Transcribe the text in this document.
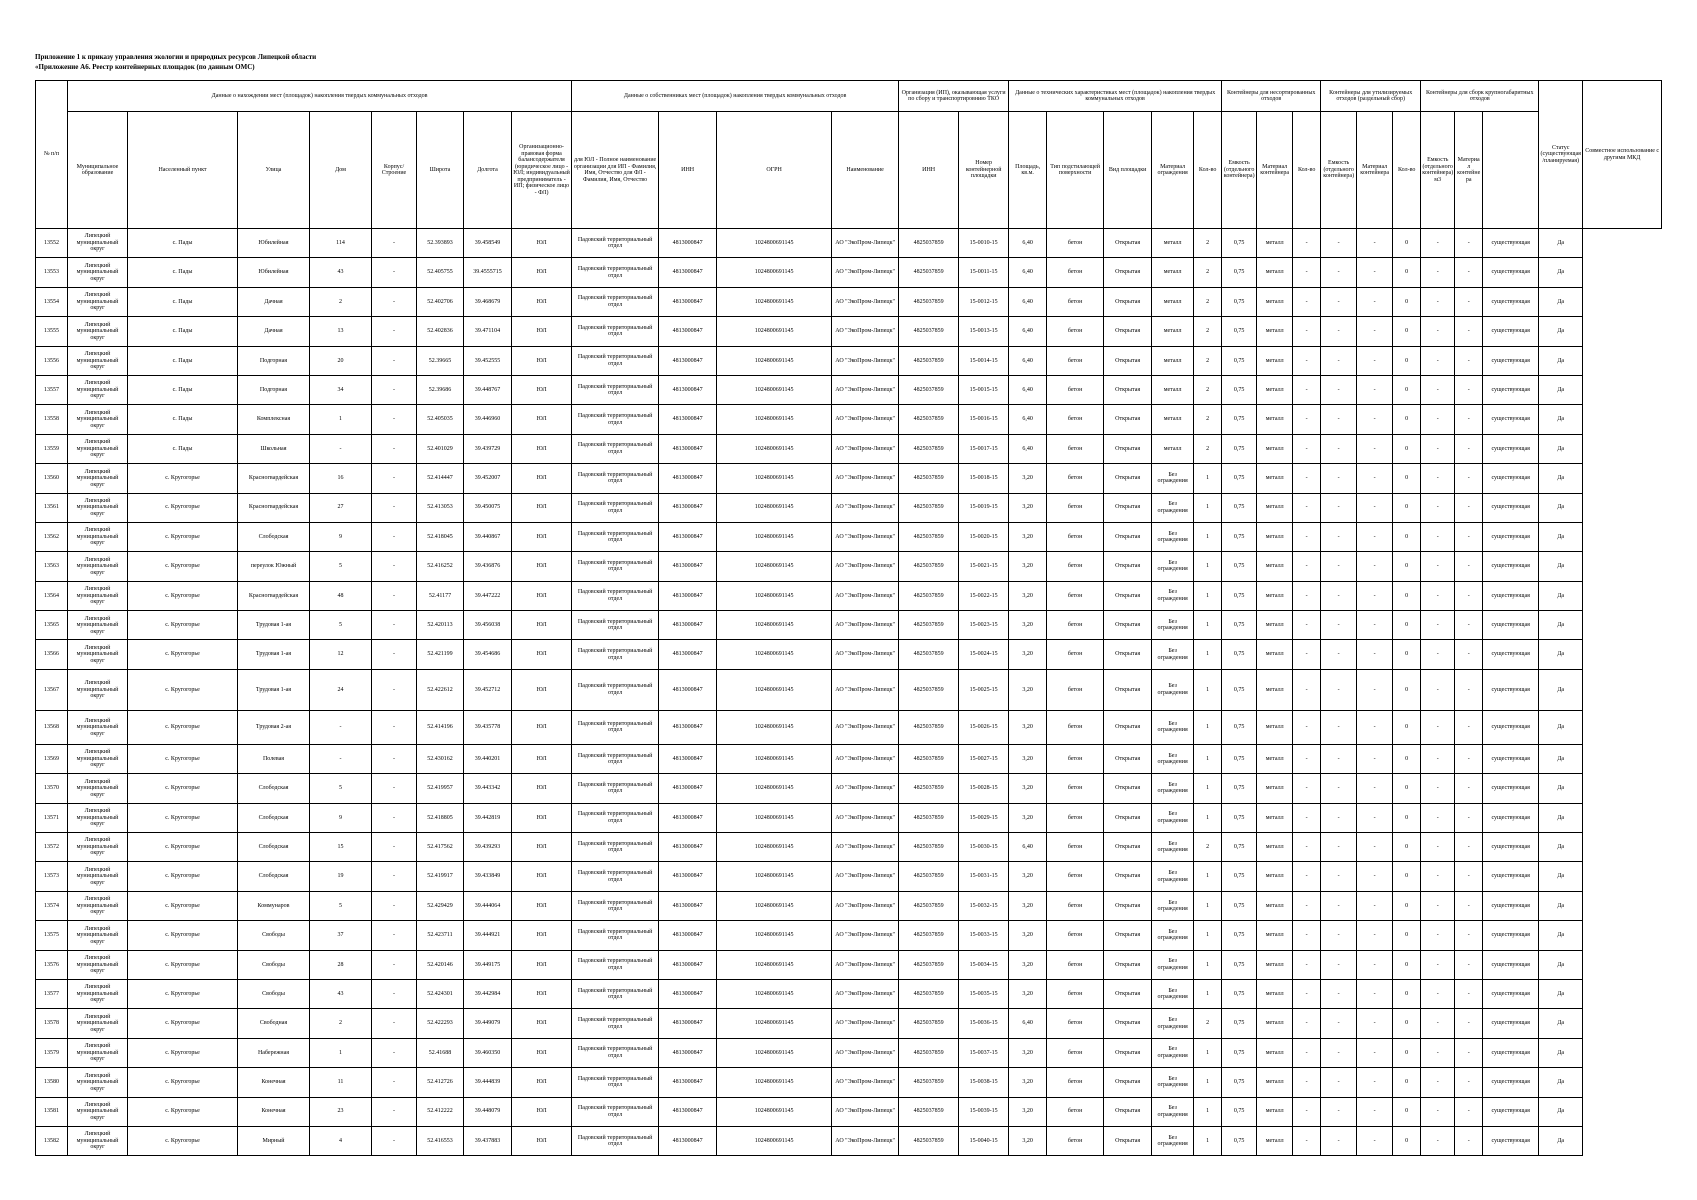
Приложение 1 к приказу управления экологии и природных ресурсов Липецкой области
«Приложение А6. Реестр контейнерных площадок (по данным ОМС)
№ п/п	Данные о нахождении мест (площадок) накопления твердых коммунальных отходов								Данные о собственниках мест (площадок) накопления твердых коммунальных отходов				Организация (ИП), оказывающая услуги по сбору и транспортировнию ТКО		Данные о технических характеристиках мест (площадок) накопления твердых коммунальных отходов					Контейнеры для несортированных отходов			Контейнеры для утилизируемых отходов (раздельный сбор)			Контейнеры для сборк крупногабаритных отходов			Статус (существующая/планируемая)	Совместное использование с другими МКД
	Муниципальное образование	Населенный пункт	Улица	Дом	Корпус/Строение	Широта	Долгота	Организационно-правовая форма балансодержателя (юридическое лицо - ЮЛ; индивидуальный предприниматель - ИП; физическое лицо - ФЛ)	для ЮЛ - Полное наименование организации для ИП - Фамилия, Имя, Отчество для ФЛ - Фамилия, Имя, Отчество	ИНН	ОГРН	Наименование	ИНН	Номер контейнерной площадки	Площадь, кв.м.	Тип подстилающей поверхности	Вид площадки	Материал ограждения	Кол-во	Емкость (отдельного контейнера)	Материал контейнера	Кол-во	Емкость (отдельного контейнера)	Материал контейнера	Кол-во	Емкость (отдельного контейнера) м3	Материал контейнера			
13552	Липецкий муниципальный округ	с. Пады	Юбилейная	114	-	52.393893	39.458549	ЮЛ	Падовский территориальный отдел	4813000847	1024800691145	АО "ЭкоПром-Липецк"	4825037859	15-0010-15	6,40	бетон	Открытая	металл	2	0,75	металл	-	-	-	0	-	-	существующая	Да	
13553	Липецкий муниципальный округ	с. Пады	Юбилейная	43	-	52.405755	39.4555715	ЮЛ	Падовский территориальный отдел	4813000847	1024800691145	АО "ЭкоПром-Липецк"	4825037859	15-0011-15	6,40	бетон	Открытая	металл	2	0,75	металл	-	-	-	0	-	-	существующая	Да	
13554	Липецкий муниципальный округ	с. Пады	Дачная	2	-	52.402706	39.468679	ЮЛ	Падовский территориальный отдел	4813000847	1024800691145	АО "ЭкоПром-Липецк"	4825037859	15-0012-15	6,40	бетон	Открытая	металл	2	0,75	металл	-	-	-	0	-	-	существующая	Да	
13555	Липецкий муниципальный округ	с. Пады	Дачная	13	-	52.402836	39.471104	ЮЛ	Падовский территориальный отдел	4813000847	1024800691145	АО "ЭкоПром-Липецк"	4825037859	15-0013-15	6,40	бетон	Открытая	металл	2	0,75	металл	-	-	-	0	-	-	существующая	Да	
13556	Липецкий муниципальный округ	с. Пады	Подгорная	20	-	52.39665	39.452555	ЮЛ	Падовский территориальный отдел	4813000847	1024800691145	АО "ЭкоПром-Липецк"	4825037859	15-0014-15	6,40	бетон	Открытая	металл	2	0,75	металл	-	-	-	0	-	-	существующая	Да	
13557	Липецкий муниципальный округ	с. Пады	Подгорная	34	-	52.39686	39.448767	ЮЛ	Падовский территориальный отдел	4813000847	1024800691145	АО "ЭкоПром-Липецк"	4825037859	15-0015-15	6,40	бетон	Открытая	металл	2	0,75	металл	-	-	-	0	-	-	существующая	Да	
13558	Липецкий муниципальный округ	с. Пады	Комплексная	1	-	52.405035	39.446960	ЮЛ	Падовский территориальный отдел	4813000847	1024800691145	АО "ЭкоПром-Липецк"	4825037859	15-0016-15	6,40	бетон	Открытая	металл	2	0,75	металл	-	-	-	0	-	-	существующая	Да	
13559	Липецкий муниципальный округ	с. Пады	Школьная	-	-	52.401029	39.439729	ЮЛ	Падовский территориальный отдел	4813000847	1024800691145	АО "ЭкоПром-Липецк"	4825037859	15-0017-15	6,40	бетон	Открытая	металл	2	0,75	металл	-	-	-	0	-	-	существующая	Да	
13560	Липецкий муниципальный округ	с. Кругогорье	Красногвардейская	16	-	52.414447	39.452007	ЮЛ	Падовский территориальный отдел	4813000847	1024800691145	АО "ЭкоПром-Липецк"	4825037859	15-0018-15	3,20	бетон	Открытая	Без ограждения	1	0,75	металл	-	-	-	0	-	-	существующая	Да	
13561	Липецкий муниципальный округ	с. Кругогорье	Красногвардейская	27	-	52.413053	39.450075	ЮЛ	Падовский территориальный отдел	4813000847	1024800691145	АО "ЭкоПром-Липецк"	4825037859	15-0019-15	3,20	бетон	Открытая	Без ограждения	1	0,75	металл	-	-	-	0	-	-	существующая	Да	
13562	Липецкий муниципальный округ	с. Кругогорье	Слободская	9	-	52.418045	39.440867	ЮЛ	Падовский территориальный отдел	4813000847	1024800691145	АО "ЭкоПром-Липецк"	4825037859	15-0020-15	3,20	бетон	Открытая	Без ограждения	1	0,75	металл	-	-	-	0	-	-	существующая	Да	
13563	Липецкий муниципальный округ	с. Кругогорье	переулок Южный	5	-	52.416252	39.436876	ЮЛ	Падовский территориальный отдел	4813000847	1024800691145	АО "ЭкоПром-Липецк"	4825037859	15-0021-15	3,20	бетон	Открытая	Без ограждения	1	0,75	металл	-	-	-	0	-	-	существующая	Да	
13564	Липецкий муниципальный округ	с. Кругогорье	Красногвардейская	48	-	52.41177	39.447222	ЮЛ	Падовский территориальный отдел	4813000847	1024800691145	АО "ЭкоПром-Липецк"	4825037859	15-0022-15	3,20	бетон	Открытая	Без ограждения	1	0,75	металл	-	-	-	0	-	-	существующая	Да	
13565	Липецкий муниципальный округ	с. Кругогорье	Трудовая 1-ая	5	-	52.420113	39.456038	ЮЛ	Падовский территориальный отдел	4813000847	1024800691145	АО "ЭкоПром-Липецк"	4825037859	15-0023-15	3,20	бетон	Открытая	Без ограждения	1	0,75	металл	-	-	-	0	-	-	существующая	Да	
13566	Липецкий муниципальный округ	с. Кругогорье	Трудовая 1-ая	12	-	52.421199	39.454686	ЮЛ	Падовский территориальный отдел	4813000847	1024800691145	АО "ЭкоПром-Липецк"	4825037859	15-0024-15	3,20	бетон	Открытая	Без ограждения	1	0,75	металл	-	-	-	0	-	-	существующая	Да	
13567	Липецкий муниципальный округ	с. Кругогорье	Трудовая 1-ая	24	-	52.422612	39.452712	ЮЛ	Падовский территориальный отдел	4813000847	1024800691145	АО "ЭкоПром-Липецк"	4825037859	15-0025-15	3,20	бетон	Открытая	Без ограждения	1	0,75	металл	-	-	-	0	-	-	существующая	Да	
13568	Липецкий муниципальный округ	с. Кругогорье	Трудовая 2-ая	-	-	52.414196	39.435778	ЮЛ	Падовский территориальный отдел	4813000847	1024800691145	АО "ЭкоПром-Липецк"	4825037859	15-0026-15	3,20	бетон	Открытая	Без ограждения	1	0,75	металл	-	-	-	0	-	-	существующая	Да	
13569	Липецкий муниципальный округ	с. Кругогорье	Полевая	-	-	52.430162	39.440201	ЮЛ	Падовский территориальный отдел	4813000847	1024800691145	АО "ЭкоПром-Липецк"	4825037859	15-0027-15	3,20	бетон	Открытая	Без ограждения	1	0,75	металл	-	-	-	0	-	-	существующая	Да	
13570	Липецкий муниципальный округ	с. Кругогорье	Слободская	5	-	52.419957	39.443342	ЮЛ	Падовский территориальный отдел	4813000847	1024800691145	АО "ЭкоПром-Липецк"	4825037859	15-0028-15	3,20	бетон	Открытая	Без ограждения	1	0,75	металл	-	-	-	0	-	-	существующая	Да	
13571	Липецкий муниципальный округ	с. Кругогорье	Слободская	9	-	52.418805	39.442819	ЮЛ	Падовский территориальный отдел	4813000847	1024800691145	АО "ЭкоПром-Липецк"	4825037859	15-0029-15	3,20	бетон	Открытая	Без ограждения	1	0,75	металл	-	-	-	0	-	-	существующая	Да	
13572	Липецкий муниципальный округ	с. Кругогорье	Слободская	15	-	52.417562	39.439293	ЮЛ	Падовский территориальный отдел	4813000847	1024800691145	АО "ЭкоПром-Липецк"	4825037859	15-0030-15	6,40	бетон	Открытая	Без ограждения	2	0,75	металл	-	-	-	0	-	-	существующая	Да	
13573	Липецкий муниципальный округ	с. Кругогорье	Слободская	19	-	52.419917	39.433849	ЮЛ	Падовский территориальный отдел	4813000847	1024800691145	АО "ЭкоПром-Липецк"	4825037859	15-0031-15	3,20	бетон	Открытая	Без ограждения	1	0,75	металл	-	-	-	0	-	-	существующая	Да	
13574	Липецкий муниципальный округ	с. Кругогорье	Коммунаров	5	-	52.429429	39.444064	ЮЛ	Падовский территориальный отдел	4813000847	1024800691145	АО "ЭкоПром-Липецк"	4825037859	15-0032-15	3,20	бетон	Открытая	Без ограждения	1	0,75	металл	-	-	-	0	-	-	существующая	Да	
13575	Липецкий муниципальный округ	с. Кругогорье	Свободы	37	-	52.423711	39.444921	ЮЛ	Падовский территориальный отдел	4813000847	1024800691145	АО "ЭкоПром-Липецк"	4825037859	15-0033-15	3,20	бетон	Открытая	Без ограждения	1	0,75	металл	-	-	-	0	-	-	существующая	Да	
13576	Липецкий муниципальный округ	с. Кругогорье	Свободы	28	-	52.420146	39.449175	ЮЛ	Падовский территориальный отдел	4813000847	1024800691145	АО "ЭкоПром-Липецк"	4825037859	15-0034-15	3,20	бетон	Открытая	Без ограждения	1	0,75	металл	-	-	-	0	-	-	существующая	Да	
13577	Липецкий муниципальный округ	с. Кругогорье	Свободы	43	-	52.424301	39.442984	ЮЛ	Падовский территориальный отдел	4813000847	1024800691145	АО "ЭкоПром-Липецк"	4825037859	15-0035-15	3,20	бетон	Открытая	Без ограждения	1	0,75	металл	-	-	-	0	-	-	существующая	Да	
13578	Липецкий муниципальный округ	с. Кругогорье	Свободная	2	-	52.422293	39.449079	ЮЛ	Падовский территориальный отдел	4813000847	1024800691145	АО "ЭкоПром-Липецк"	4825037859	15-0036-15	6,40	бетон	Открытая	Без ограждения	2	0,75	металл	-	-	-	0	-	-	существующая	Да	
13579	Липецкий муниципальный округ	с. Кругогорье	Набережная	1	-	52.41688	39.460350	ЮЛ	Падовский территориальный отдел	4813000847	1024800691145	АО "ЭкоПром-Липецк"	4825037859	15-0037-15	3,20	бетон	Открытая	Без ограждения	1	0,75	металл	-	-	-	0	-	-	существующая	Да	
13580	Липецкий муниципальный округ	с. Кругогорье	Конечная	11	-	52.412726	39.444839	ЮЛ	Падовский территориальный отдел	4813000847	1024800691145	АО "ЭкоПром-Липецк"	4825037859	15-0038-15	3,20	бетон	Открытая	Без ограждения	1	0,75	металл	-	-	-	0	-	-	существующая	Да	
13581	Липецкий муниципальный округ	с. Кругогорье	Конечная	23	-	52.412222	39.448079	ЮЛ	Падовский территориальный отдел	4813000847	1024800691145	АО "ЭкоПром-Липецк"	4825037859	15-0039-15	3,20	бетон	Открытая	Без ограждения	1	0,75	металл	-	-	-	0	-	-	существующая	Да	
13582	Липецкий муниципальный округ	с. Кругогорье	Мирный	4	-	52.416553	39.437883	ЮЛ	Падовский территориальный отдел	4813000847	1024800691145	АО "ЭкоПром-Липецк"	4825037859	15-0040-15	3,20	бетон	Открытая	Без ограждения	1	0,75	металл	-	-	-	0	-	-	существующая	Да	
